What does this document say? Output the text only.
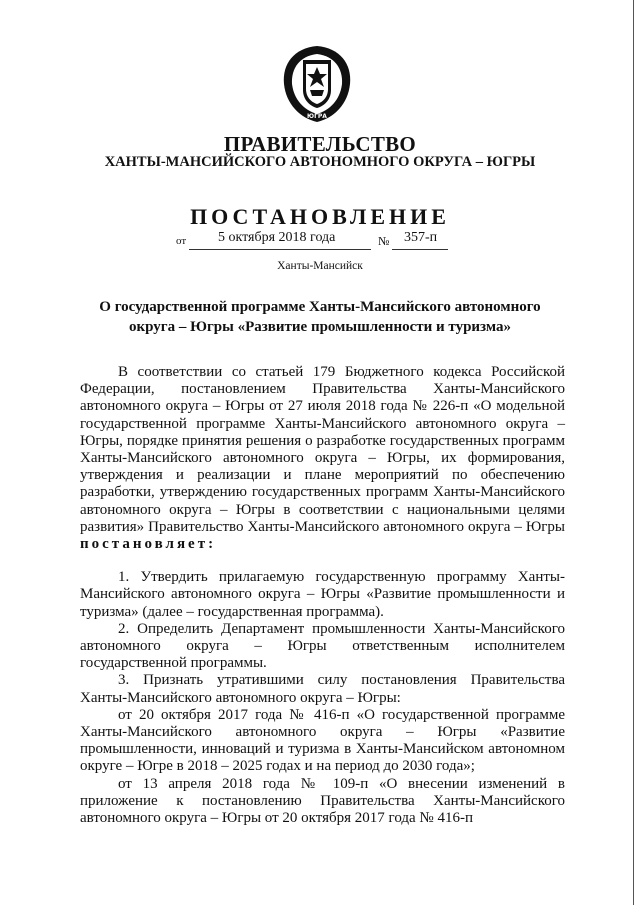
ЮГРА
ПРАВИТЕЛЬСТВО
ХАНТЫ-МАНСИЙСКОГО АВТОНОМНОГО ОКРУГА – ЮГРЫ
ПОСТАНОВЛЕНИЕ
от 5 октября 2018 года	№ 357-п
Ханты-Мансийск
О государственной программе Ханты-Мансийского автономного
округа – Югры «Развитие промышленности и туризма»

В соответствии со статьей 179 Бюджетного кодекса Российской Федерации, постановлением Правительства Ханты-Мансийского автономного округа – Югры от 27 июля 2018 года № 226-п «О модельной государственной программе Ханты-Мансийского автономного округа – Югры, порядке принятия решения о разработке государственных программ Ханты-Мансийского автономного округа – Югры, их формирования, утверждения и реализации и плане мероприятий по обеспечению разработки, утверждению государственных программ Ханты-Мансийского автономного округа – Югры в соответствии с национальными целями развития» Правительство Ханты-Мансийского автономного округа – Югры постановляет:

1. Утвердить прилагаемую государственную программу Ханты-Мансийского автономного округа – Югры «Развитие промышленности и туризма» (далее – государственная программа).

2. Определить Департамент промышленности Ханты-Мансийского автономного округа – Югры ответственным исполнителем государственной программы.

3. Признать утратившими силу постановления Правительства Ханты-Мансийского автономного округа – Югры:

от 20 октября 2017 года № 416-п «О государственной программе Ханты-Мансийского автономного округа – Югры «Развитие промышленности, инноваций и туризма в Ханты-Мансийском автономном округе – Югре в 2018 – 2025 годах и на период до 2030 года»;

от 13 апреля 2018 года № 109-п «О внесении изменений в приложение к постановлению Правительства Ханты-Мансийского автономного округа – Югры от 20 октября 2017 года № 416-п
